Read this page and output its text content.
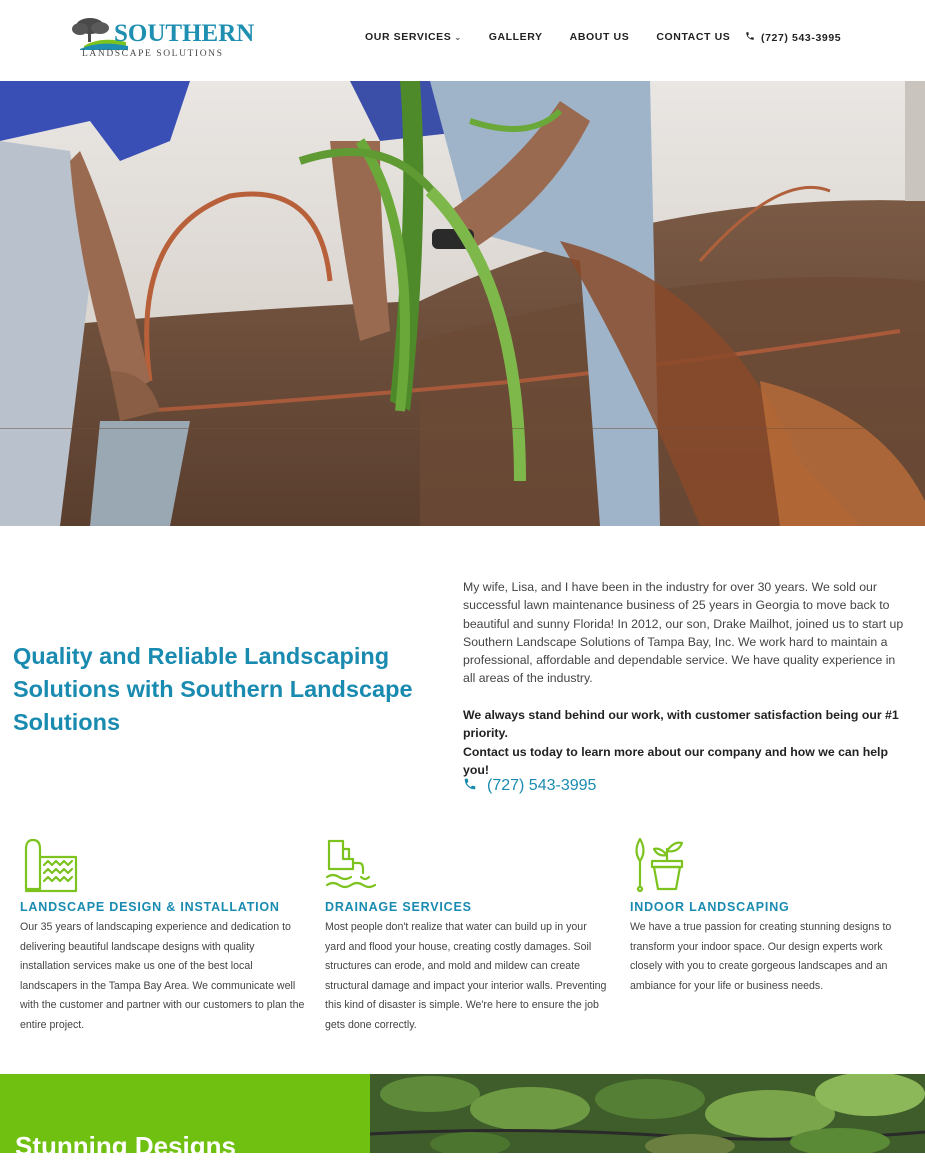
SOUTHERN
LANDSCAPE SOLUTIONS
OUR SERVICES ⌄	GALLERY	ABOUT US	CONTACT US	(727) 543-3995
Quality and Reliable Landscaping Solutions with Southern Landscape Solutions

My wife, Lisa, and I have been in the industry for over 30 years. We sold our successful lawn maintenance business of 25 years in Georgia to move back to beautiful and sunny Florida! In 2012, our son, Drake Mailhot, joined us to start up Southern Landscape Solutions of Tampa Bay, Inc. We work hard to maintain a professional, affordable and dependable service. We have quality experience in all areas of the industry.

We always stand behind our work, with customer satisfaction being our #1 priority.

Contact us today to learn more about our company and how we can help you!

(727) 543-3995
LANDSCAPE DESIGN & INSTALLATION
Our 35 years of landscaping experience and dedication to delivering beautiful landscape designs with quality installation services make us one of the best local landscapers in the Tampa Bay Area. We communicate well with the customer and partner with our customers to plan the entire project.
DRAINAGE SERVICES
Most people don't realize that water can build up in your yard and flood your house, creating costly damages. Soil structures can erode, and mold and mildew can create structural damage and impact your interior walls. Preventing this kind of disaster is simple. We're here to ensure the job gets done correctly.
INDOOR LANDSCAPING
We have a true passion for creating stunning designs to transform your indoor space. Our design experts work closely with you to create gorgeous landscapes and an ambiance for your life or business needs.
Stunning Designs
